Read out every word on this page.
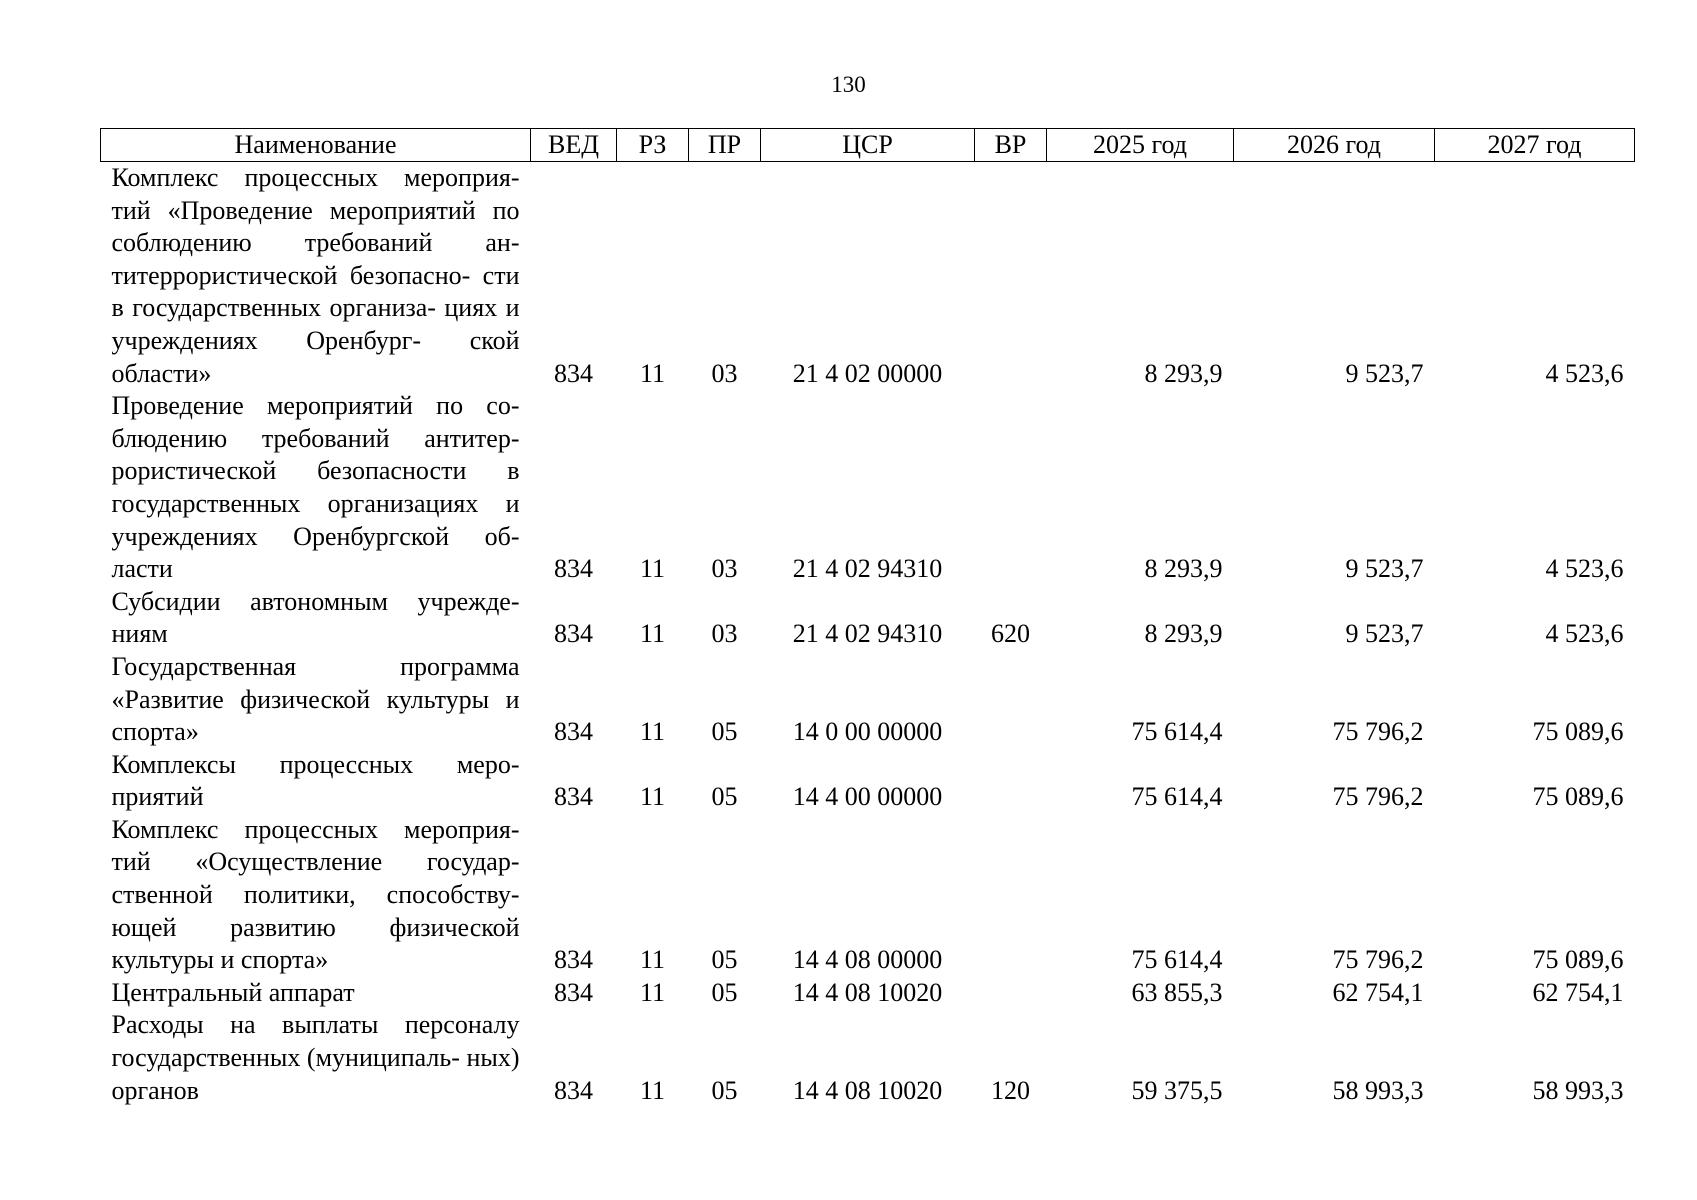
130
Наименование	ВЕД	РЗ	ПР	ЦСР	ВР	2025 год	2026 год	2027 год
Комплекс процессных мероприя- тий «Проведение мероприятий по соблюдению требований ан- титеррористической безопасно- сти в государственных организа- циях и учреждениях Оренбург- ской области»	834	11	03	21 4 02 00000		8 293,9	9 523,7	4 523,6
Проведение мероприятий по со- блюдению требований антитер- рористической безопасности в государственных организациях и учреждениях Оренбургской об- ласти	834	11	03	21 4 02 94310		8 293,9	9 523,7	4 523,6
Субсидии автономным учрежде- ниям	834	11	03	21 4 02 94310	620	8 293,9	9 523,7	4 523,6
Государственная программа «Развитие физической культуры и спорта»	834	11	05	14 0 00 00000		75 614,4	75 796,2	75 089,6
Комплексы процессных меро- приятий	834	11	05	14 4 00 00000		75 614,4	75 796,2	75 089,6
Комплекс процессных мероприя- тий «Осуществление государ- ственной политики, способству- ющей развитию физической культуры и спорта»	834	11	05	14 4 08 00000		75 614,4	75 796,2	75 089,6
Центральный аппарат	834	11	05	14 4 08 10020		63 855,3	62 754,1	62 754,1
Расходы на выплаты персоналу государственных (муниципаль- ных) органов	834	11	05	14 4 08 10020	120	59 375,5	58 993,3	58 993,3
